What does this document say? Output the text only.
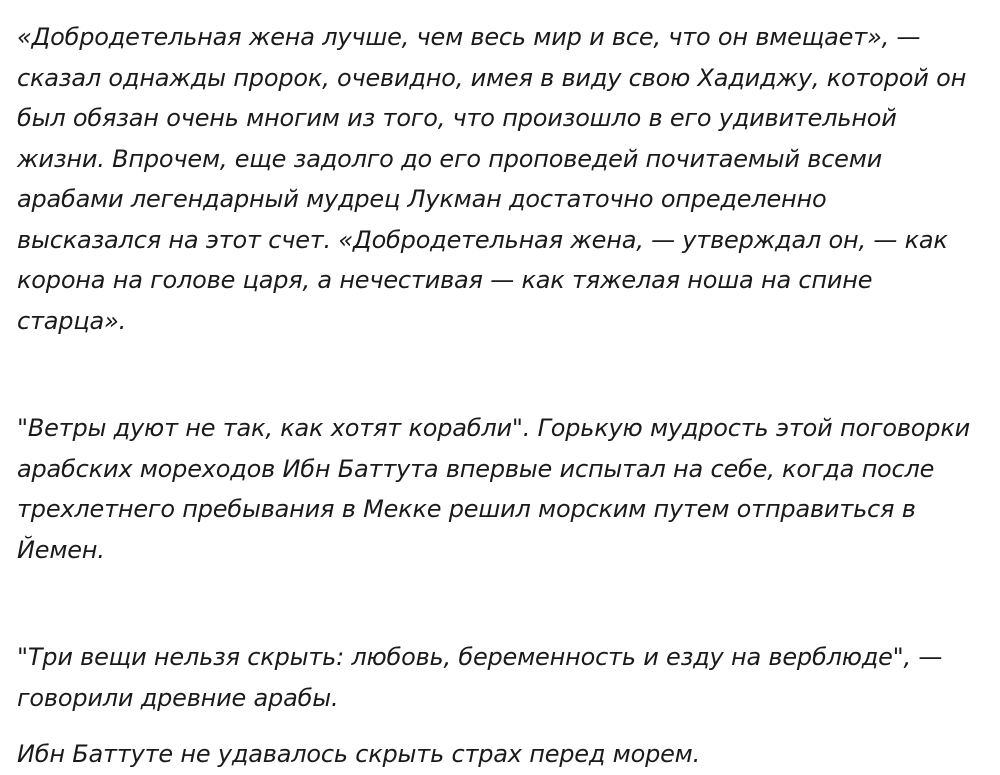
«Добродетельная жена лучше, чем весь мир и все, что он вмещает», — сказал однажды пророк, очевидно, имея в виду свою Хадиджу, которой он был обязан очень многим из того, что произошло в его удивительной жизни. Впрочем, еще задолго до его проповедей почитаемый всеми арабами легендарный мудрец Лукман достаточно определенно высказался на этот счет. «Добродетельная жена, — утверждал он, — как корона на голове царя, а нечестивая — как тяжелая ноша на спине старца».

"Ветры дуют не так, как хотят корабли". Горькую мудрость этой поговорки арабских мореходов Ибн Баттута впервые испытал на себе, когда после трехлетнего пребывания в Мекке решил морским путем отправиться в Йемен.

"Три вещи нельзя скрыть: любовь, беременность и езду на верблюде", — говорили древние арабы.

Ибн Баттуте не удавалось скрыть страх перед морем.
